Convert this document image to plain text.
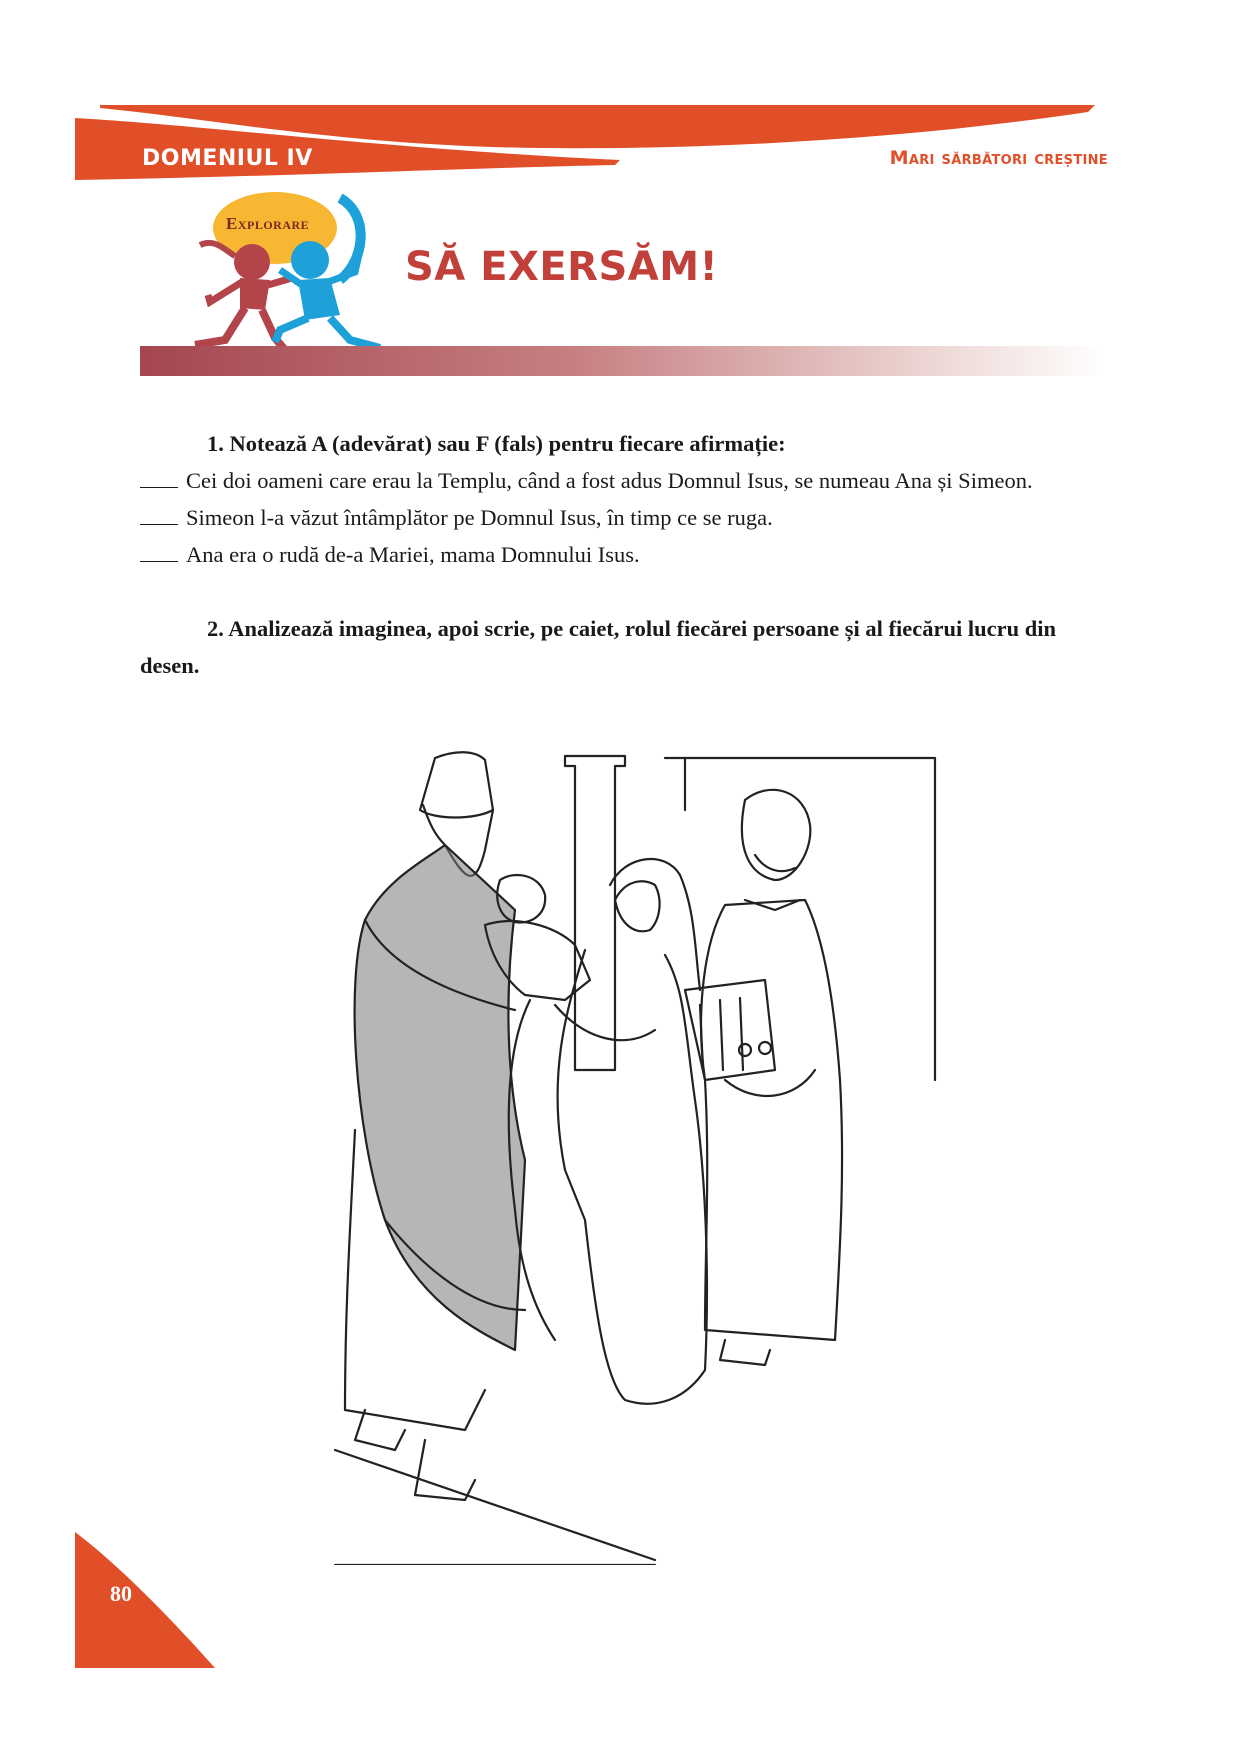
DOMENIUL IV	Mari sărbători creștine
Explorare
SĂ EXERSĂM!

1. Notează A (adevărat) sau F (fals) pentru fiecare afirmație:

Cei doi oameni care erau la Templu, când a fost adus Domnul Isus, se numeau Ana și Simeon.

Simeon l-a văzut întâmplător pe Domnul Isus, în timp ce se ruga.

Ana era o rudă de-a Mariei, mama Domnului Isus.

2. Analizează imaginea, apoi scrie, pe caiet, rolul fiecărei persoane și al fiecărui lucru din desen.

80
